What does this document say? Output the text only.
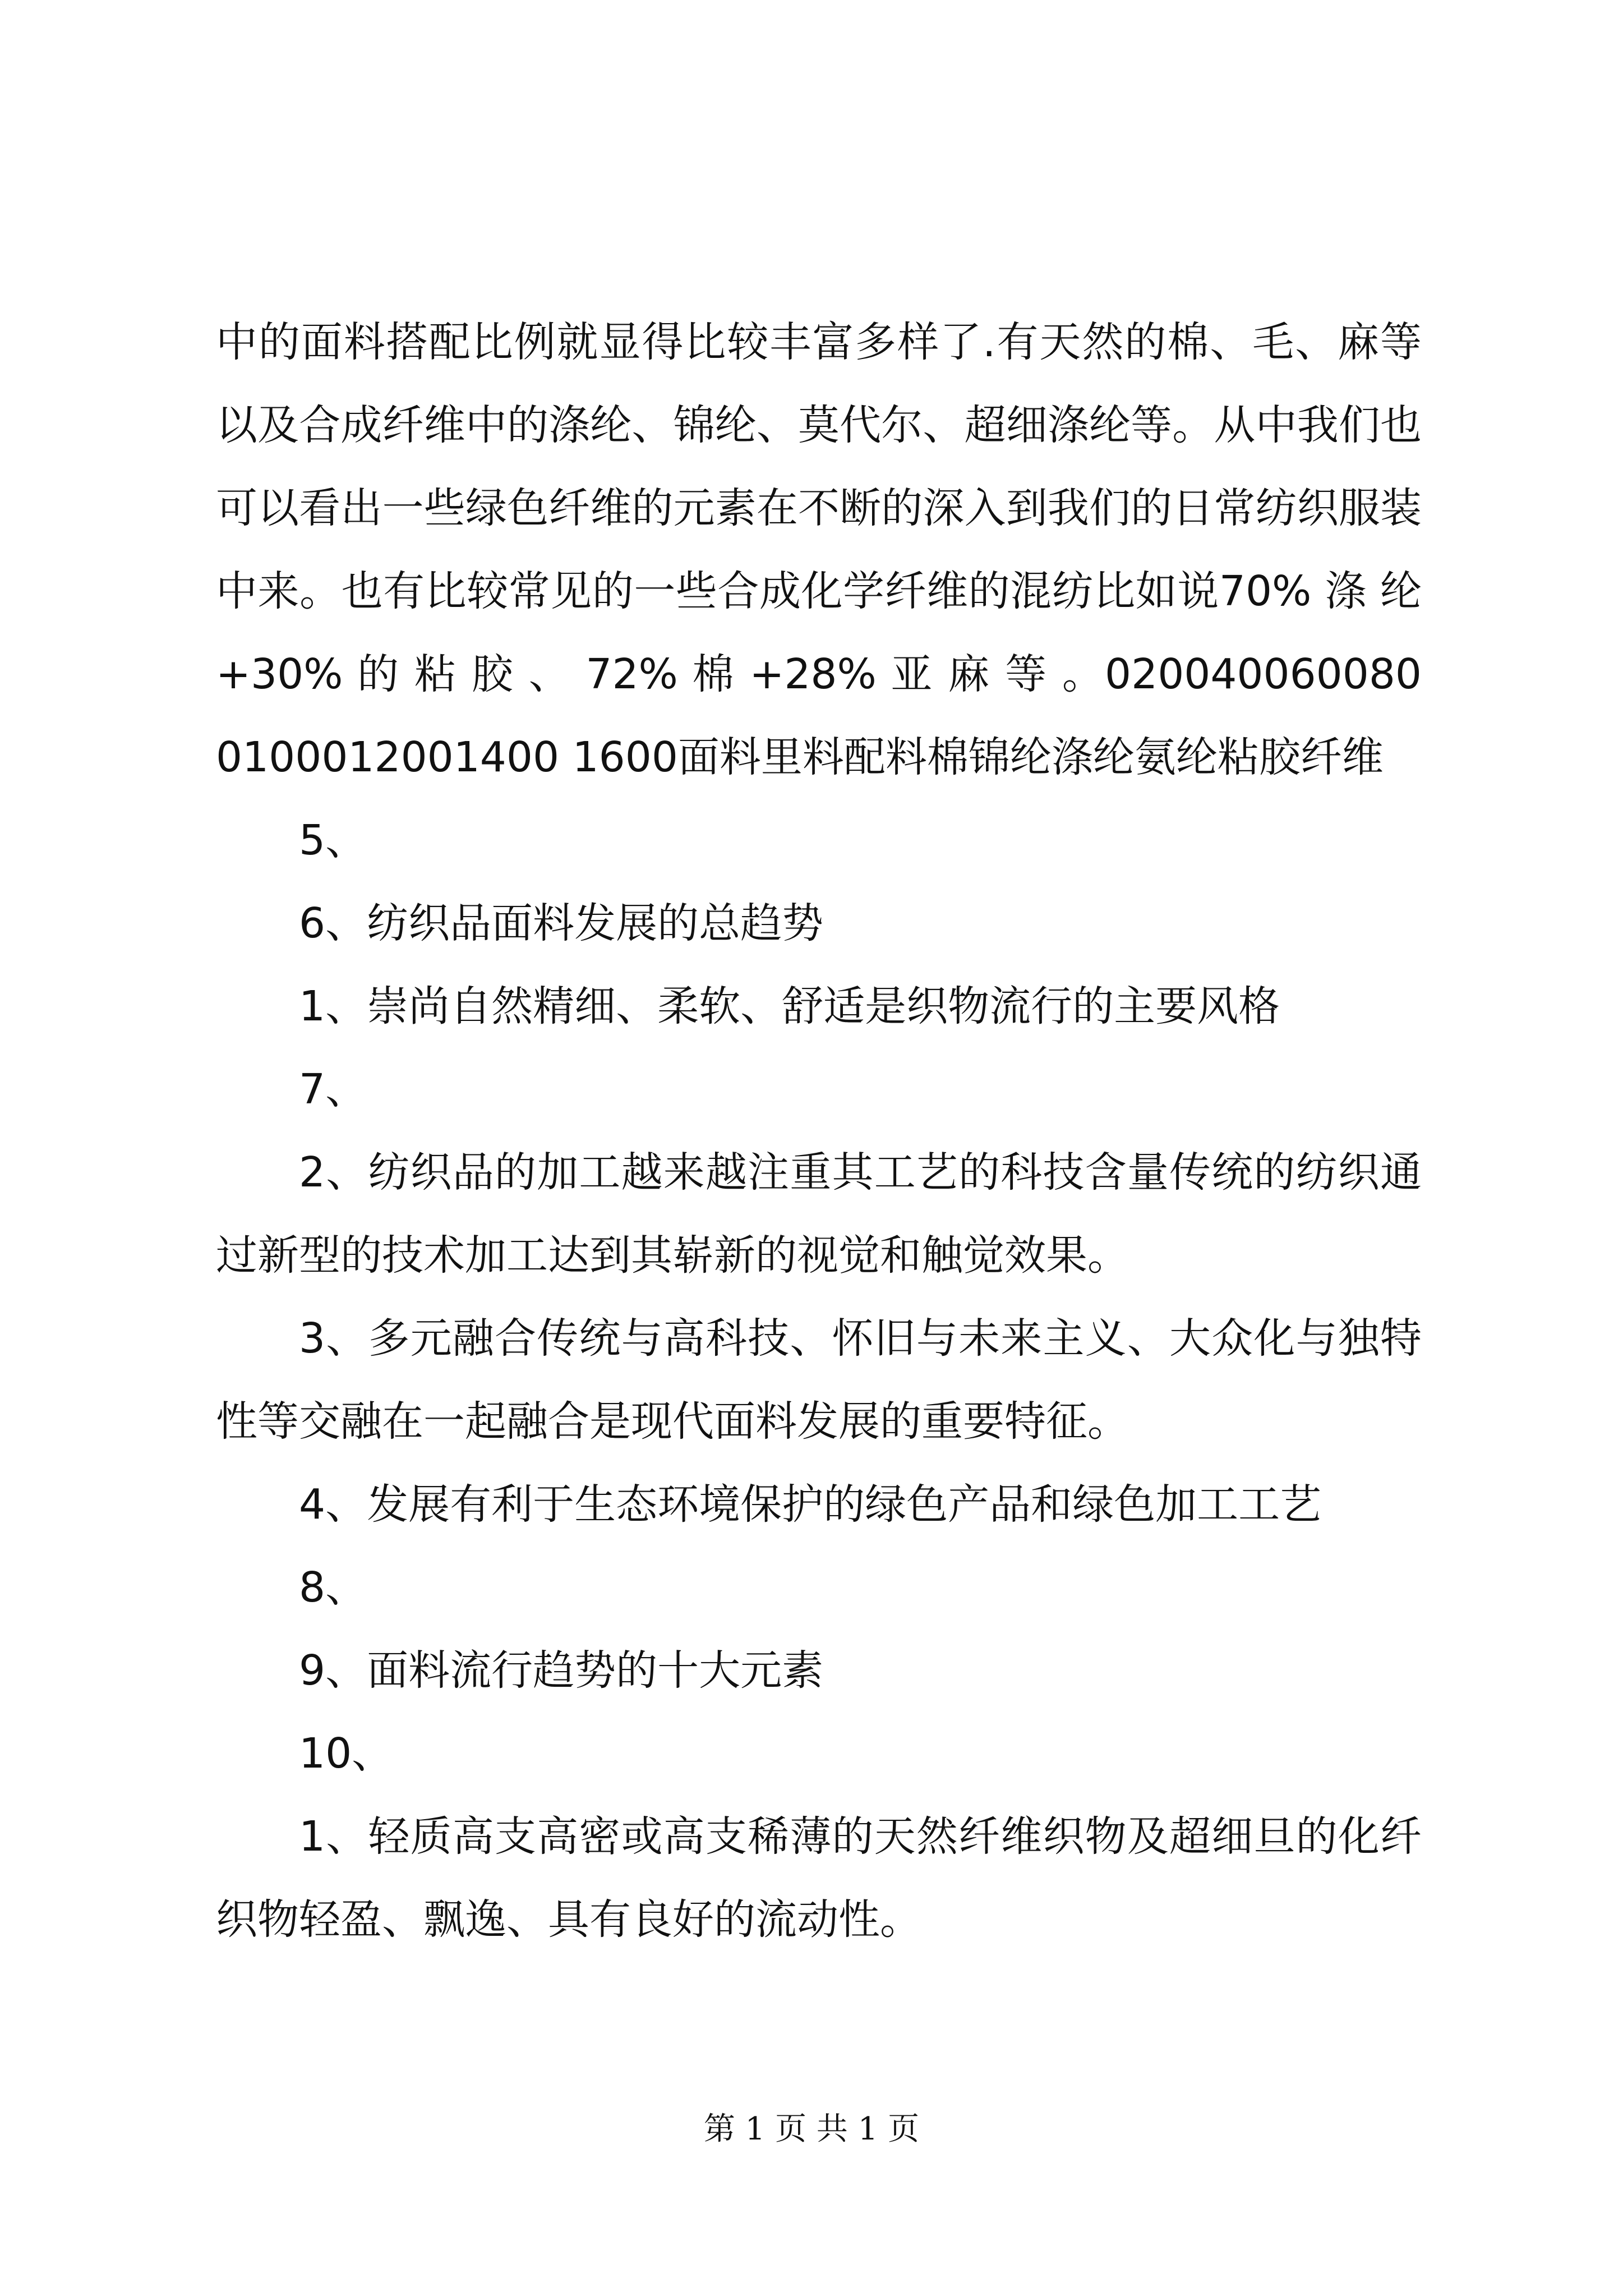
中的面料搭配比例就显得比较丰富多样了.有天然的棉、毛、麻等以及合成纤维中的涤纶、锦纶、莫代尔、超细涤纶等。从中我们也可以看出一些绿色纤维的元素在不断的深入到我们的日常纺织服装中来。也有比较常见的一些合成化学纤维的混纺比如说70% 涤 纶 +30% 的 粘 胶 、 72% 棉 +28% 亚 麻 等 。0200400600800100012001400 1600面料里料配料棉锦纶涤纶氨纶粘胶纤维

5、

6、纺织品面料发展的总趋势

1、崇尚自然精细、柔软、舒适是织物流行的主要风格

7、

2、纺织品的加工越来越注重其工艺的科技含量传统的纺织通过新型的技术加工达到其崭新的视觉和触觉效果。

3、多元融合传统与高科技、怀旧与未来主义、大众化与独特性等交融在一起融合是现代面料发展的重要特征。

4、发展有利于生态环境保护的绿色产品和绿色加工工艺

8、

9、面料流行趋势的十大元素

10、

1、轻质高支高密或高支稀薄的天然纤维织物及超细旦的化纤织物轻盈、飘逸、具有良好的流动性。

第 1 页 共 1 页
